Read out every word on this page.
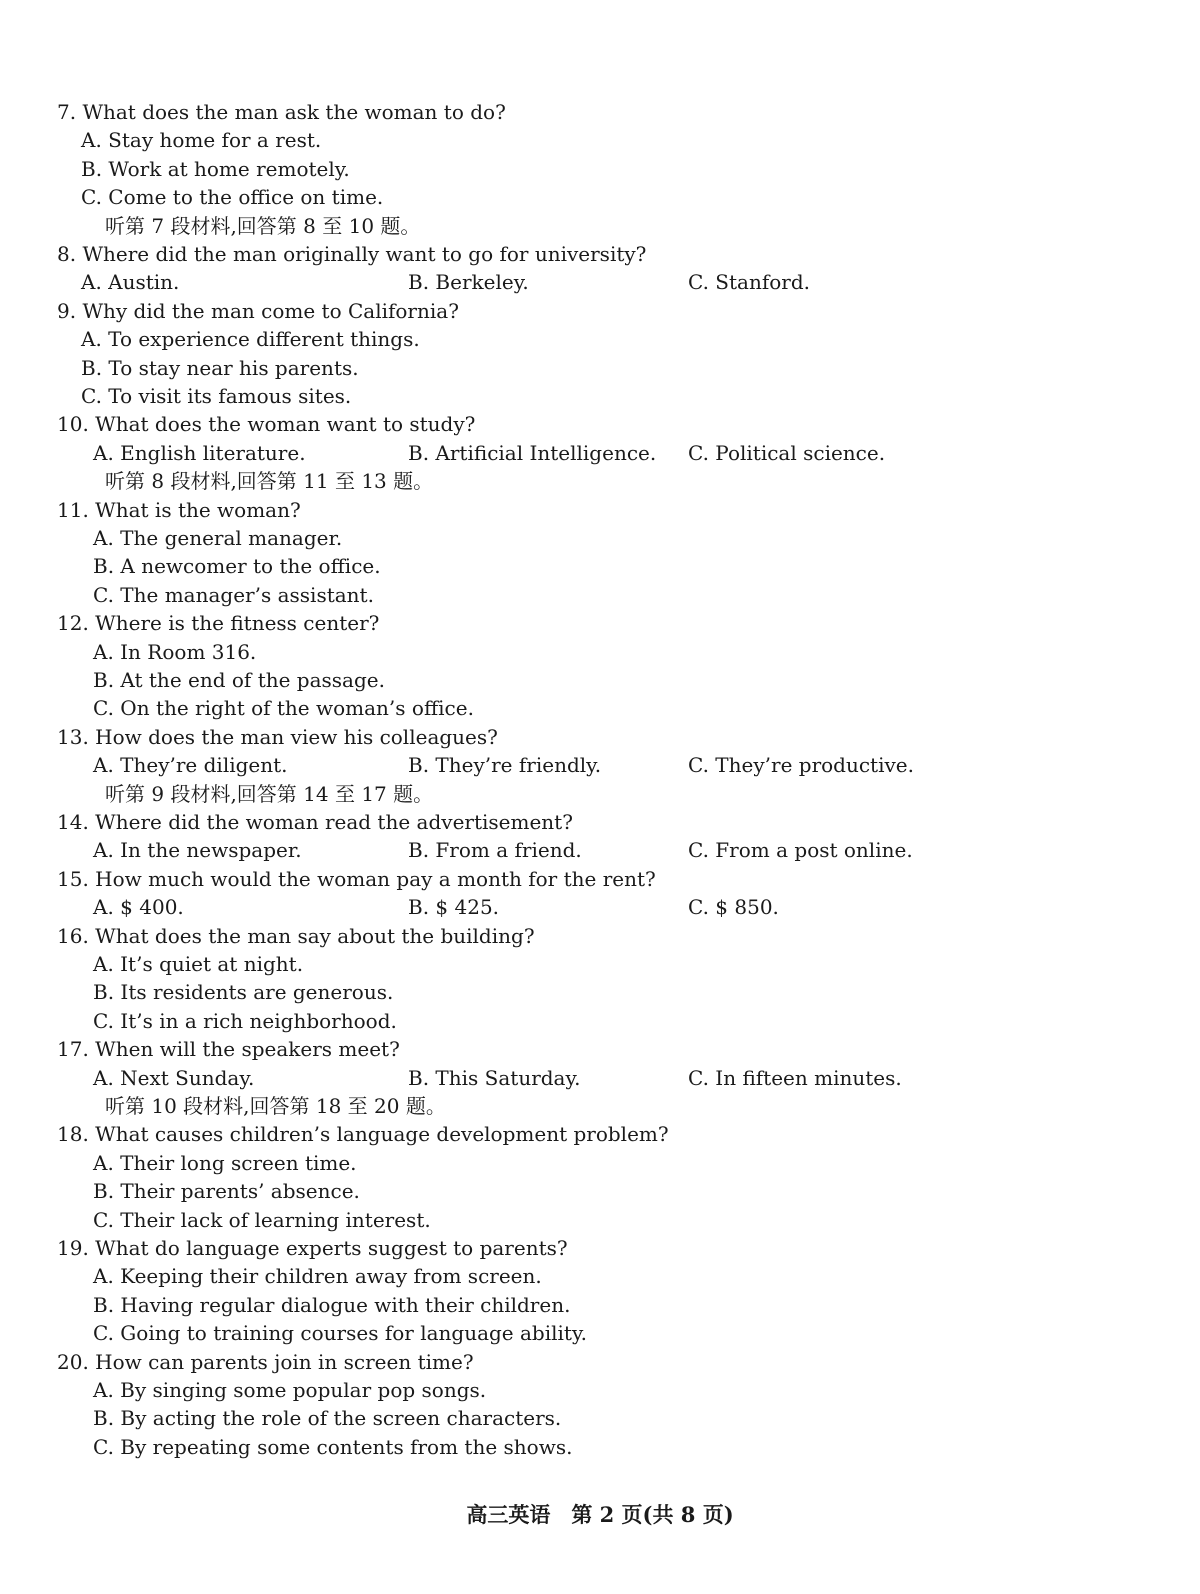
高三英语　第 2 页(共 8 页)
7. What does the man ask the woman to do?
A. Stay home for a rest.
B. Work at home remotely.
C. Come to the office on time.
听第 7 段材料,回答第 8 至 10 题。
8. Where did the man originally want to go for university?
A. Austin.	B. Berkeley.	C. Stanford.
9. Why did the man come to California?
A. To experience different things.
B. To stay near his parents.
C. To visit its famous sites.
10. What does the woman want to study?
A. English literature.	B. Artificial Intelligence. C. Political science.
听第 8 段材料,回答第 11 至 13 题。
11. What is the woman?
A. The general manager.
B. A newcomer to the office.
C. The manager’s assistant.
12. Where is the fitness center?
A. In Room 316.
B. At the end of the passage.
C. On the right of the woman’s office.
13. How does the man view his colleagues?
A. They’re diligent.	B. They’re friendly.	C. They’re productive.
听第 9 段材料,回答第 14 至 17 题。
14. Where did the woman read the advertisement?
A. In the newspaper.	B. From a friend.	C. From a post online.
15. How much would the woman pay a month for the rent?
A. $ 400.	B. $ 425.	C. $ 850.
16. What does the man say about the building?
A. It’s quiet at night.
B. Its residents are generous.
C. It’s in a rich neighborhood.
17. When will the speakers meet?
A. Next Sunday.	B. This Saturday.	C. In fifteen minutes.
听第 10 段材料,回答第 18 至 20 题。
18. What causes children’s language development problem?
A. Their long screen time.
B. Their parents’ absence.
C. Their lack of learning interest.
19. What do language experts suggest to parents?
A. Keeping their children away from screen.
B. Having regular dialogue with their children.
C. Going to training courses for language ability.
20. How can parents join in screen time?
A. By singing some popular pop songs.
B. By acting the role of the screen characters.
C. By repeating some contents from the shows.
